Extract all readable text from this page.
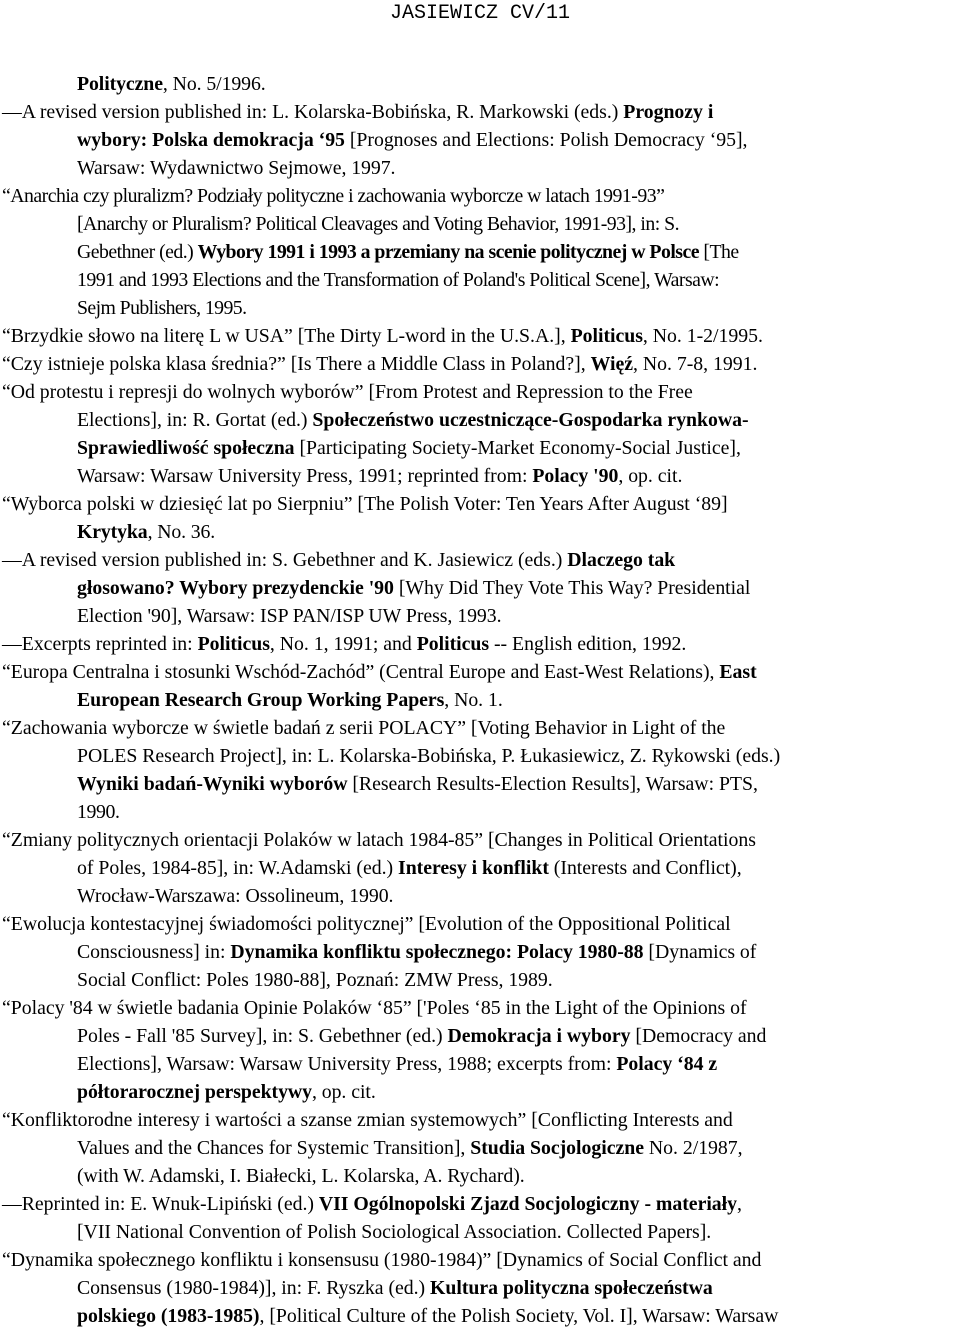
JASIEWICZ CV/11
Polityczne, No. 5/1996.
—A revised version published in: L. Kolarska-Bobińska, R. Markowski (eds.) Prognozy i
wybory: Polska demokracja ‘95 [Prognoses and Elections: Polish Democracy ‘95],
Warsaw: Wydawnictwo Sejmowe, 1997.
“Anarchia czy pluralizm? Podziały polityczne i zachowania wyborcze w latach 1991-93”
[Anarchy or Pluralism? Political Cleavages and Voting Behavior, 1991-93], in: S.
Gebethner (ed.) Wybory 1991 i 1993 a przemiany na scenie politycznej w Polsce [The
1991 and 1993 Elections and the Transformation of Poland's Political Scene], Warsaw:
Sejm Publishers, 1995.
“Brzydkie słowo na literę L w USA” [The Dirty L-word in the U.S.A.], Politicus, No. 1-2/1995.
“Czy istnieje polska klasa średnia?” [Is There a Middle Class in Poland?], Więź, No. 7-8, 1991.
“Od protestu i represji do wolnych wyborów” [From Protest and Repression to the Free
Elections], in: R. Gortat (ed.) Społeczeństwo uczestniczące-Gospodarka rynkowa-
Sprawiedliwość społeczna [Participating Society-Market Economy-Social Justice],
Warsaw: Warsaw University Press, 1991; reprinted from: Polacy '90, op. cit.
“Wyborca polski w dziesięć lat po Sierpniu” [The Polish Voter: Ten Years After August ‘89]
Krytyka, No. 36.
—A revised version published in: S. Gebethner and K. Jasiewicz (eds.) Dlaczego tak
głosowano? Wybory prezydenckie '90 [Why Did They Vote This Way? Presidential
Election '90], Warsaw: ISP PAN/ISP UW Press, 1993.
—Excerpts reprinted in: Politicus, No. 1, 1991; and Politicus -- English edition, 1992.
“Europa Centralna i stosunki Wschód-Zachód” (Central Europe and East-West Relations), East
European Research Group Working Papers, No. 1.
“Zachowania wyborcze w świetle badań z serii POLACY” [Voting Behavior in Light of the
POLES Research Project], in: L. Kolarska-Bobińska, P. Łukasiewicz, Z. Rykowski (eds.)
Wyniki badań-Wyniki wyborów [Research Results-Election Results], Warsaw: PTS,
1990.
“Zmiany politycznych orientacji Polaków w latach 1984-85” [Changes in Political Orientations
of Poles, 1984-85], in: W.Adamski (ed.) Interesy i konflikt (Interests and Conflict),
Wrocław-Warszawa: Ossolineum, 1990.
“Ewolucja kontestacyjnej świadomości politycznej” [Evolution of the Oppositional Political
Consciousness] in: Dynamika konfliktu społecznego: Polacy 1980-88 [Dynamics of
Social Conflict: Poles 1980-88], Poznań: ZMW Press, 1989.
“Polacy '84 w świetle badania Opinie Polaków ‘85” ['Poles ‘85 in the Light of the Opinions of
Poles - Fall '85 Survey], in: S. Gebethner (ed.) Demokracja i wybory [Democracy and
Elections], Warsaw: Warsaw University Press, 1988; excerpts from: Polacy ‘84 z
półtorarocznej perspektywy, op. cit.
“Konfliktorodne interesy i wartości a szanse zmian systemowych” [Conflicting Interests and
Values and the Chances for Systemic Transition], Studia Socjologiczne No. 2/1987,
(with W. Adamski, I. Białecki, L. Kolarska, A. Rychard).
—Reprinted in: E. Wnuk-Lipiński (ed.) VII Ogólnopolski Zjazd Socjologiczny - materiały,
[VII National Convention of Polish Sociological Association. Collected Papers].
“Dynamika społecznego konfliktu i konsensusu (1980-1984)” [Dynamics of Social Conflict and
Consensus (1980-1984)], in: F. Ryszka (ed.) Kultura polityczna społeczeństwa
polskiego (1983-1985), [Political Culture of the Polish Society, Vol. I], Warsaw: Warsaw
